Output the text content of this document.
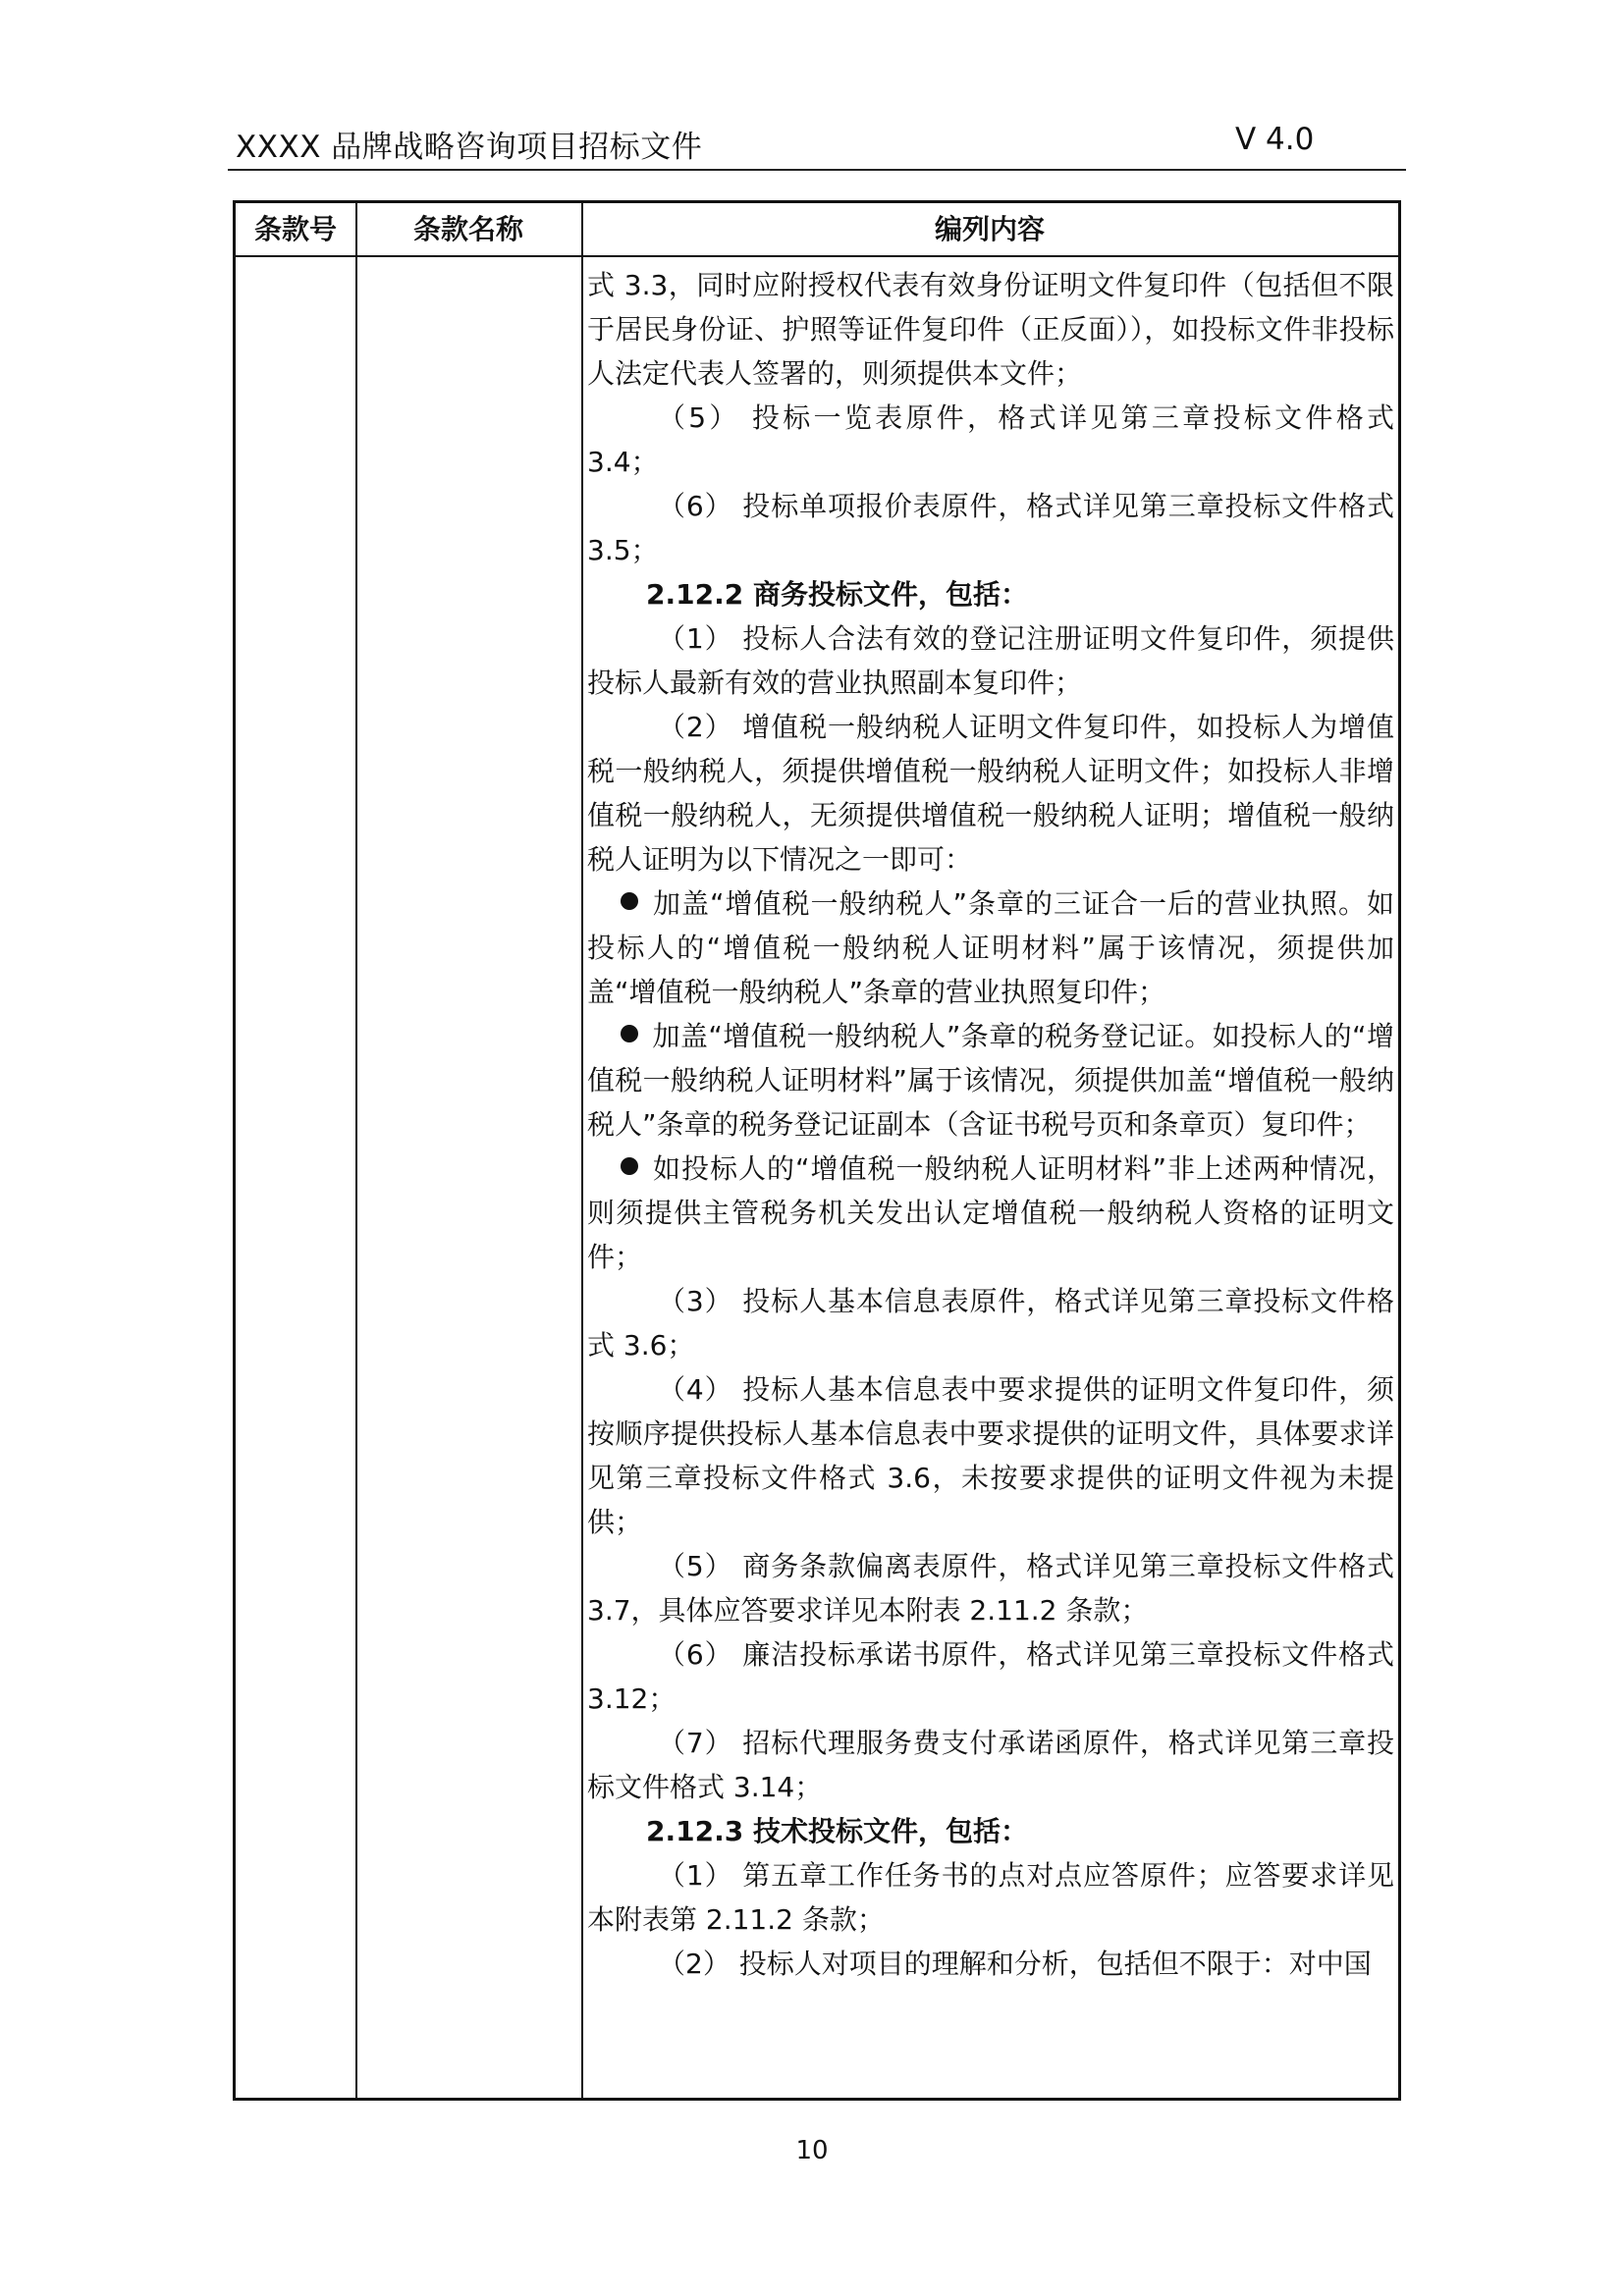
XXXX 品牌战略咨询项目招标文件	V 4.0
条款号	条款名称	编列内容

式 3.3，同时应附授权代表有效身份证明文件复印件（包括但不限于居民身份证、护照等证件复印件（正反面）），如投标文件非投标人法定代表人签署的，则须提供本文件；

（5） 投标一览表原件，格式详见第三章投标文件格式 3.4；

（6） 投标单项报价表原件，格式详见第三章投标文件格式 3.5；

2.12.2 商务投标文件，包括：

（1） 投标人合法有效的登记注册证明文件复印件，须提供投标人最新有效的营业执照副本复印件；

（2） 增值税一般纳税人证明文件复印件，如投标人为增值税一般纳税人，须提供增值税一般纳税人证明文件；如投标人非增值税一般纳税人，无须提供增值税一般纳税人证明；增值税一般纳税人证明为以下情况之一即可：

加盖“增值税一般纳税人”条章的三证合一后的营业执照。如投标人的“增值税一般纳税人证明材料”属于该情况，须提供加盖“增值税一般纳税人”条章的营业执照复印件；

加盖“增值税一般纳税人”条章的税务登记证。如投标人的“增值税一般纳税人证明材料”属于该情况，须提供加盖“增值税一般纳税人”条章的税务登记证副本（含证书税号页和条章页）复印件；

如投标人的“增值税一般纳税人证明材料”非上述两种情况，则须提供主管税务机关发出认定增值税一般纳税人资格的证明文件；

（3） 投标人基本信息表原件，格式详见第三章投标文件格式 3.6；

（4） 投标人基本信息表中要求提供的证明文件复印件，须按顺序提供投标人基本信息表中要求提供的证明文件，具体要求详见第三章投标文件格式 3.6，未按要求提供的证明文件视为未提供；

（5） 商务条款偏离表原件，格式详见第三章投标文件格式 3.7，具体应答要求详见本附表 2.11.2 条款；

（6） 廉洁投标承诺书原件，格式详见第三章投标文件格式 3.12；

（7） 招标代理服务费支付承诺函原件，格式详见第三章投标文件格式 3.14；

2.12.3 技术投标文件，包括：

（1） 第五章工作任务书的点对点应答原件；应答要求详见本附表第 2.11.2 条款；

（2） 投标人对项目的理解和分析，包括但不限于：对中国

10
